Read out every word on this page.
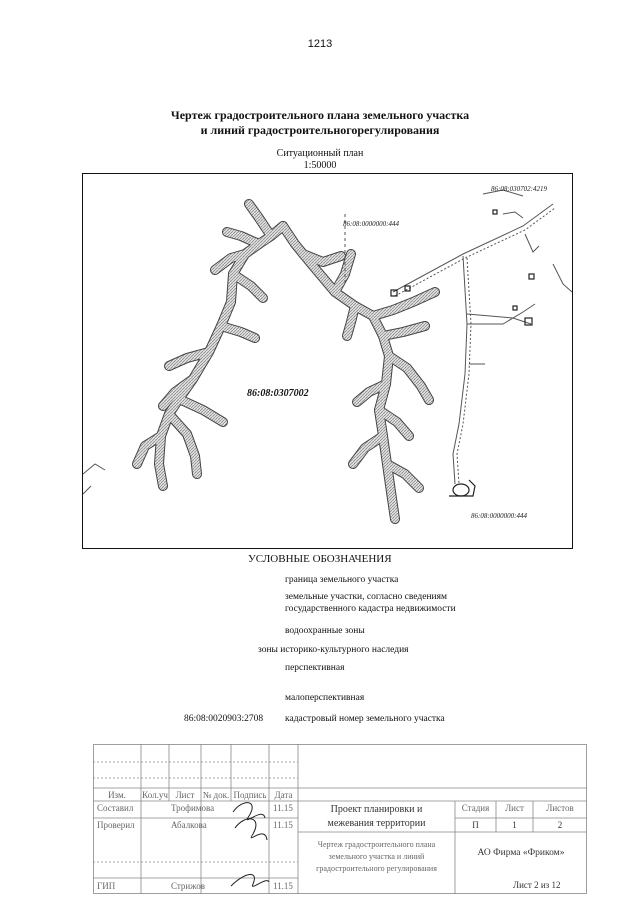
1213
Чертеж градостроительного плана земельного участка
и линий градостроительногорегулирования
Ситуационный план
1:50000
86:08:0307002
86:08:030702:4219
86:08:0000000:444
86:08:0000000:444
УСЛОВНЫЕ ОБОЗНАЧЕНИЯ
граница земельного участка
земельные участки, согласно сведениям
государственного кадастра недвижимости
водоохранные зоны
зоны историко-культурного наследия
перспективная
малоперспективная
86:08:0020903:2708 кадастровый номер земельного участка
Изм.	Кол.уч Лист № док. Подпись Дата
Составил	Трофимова	11.15
Проверил	Абалкова	11.15
ГИП	Стрижов	11.15
Проект планировки и
межевания территории
Стадия	Лист	Листов
П	1	2
Чертеж градостроительного плана
земельного участка и линий
градостроительного регулирования
АО Фирма «Фриком»
Лист 2 из 12
